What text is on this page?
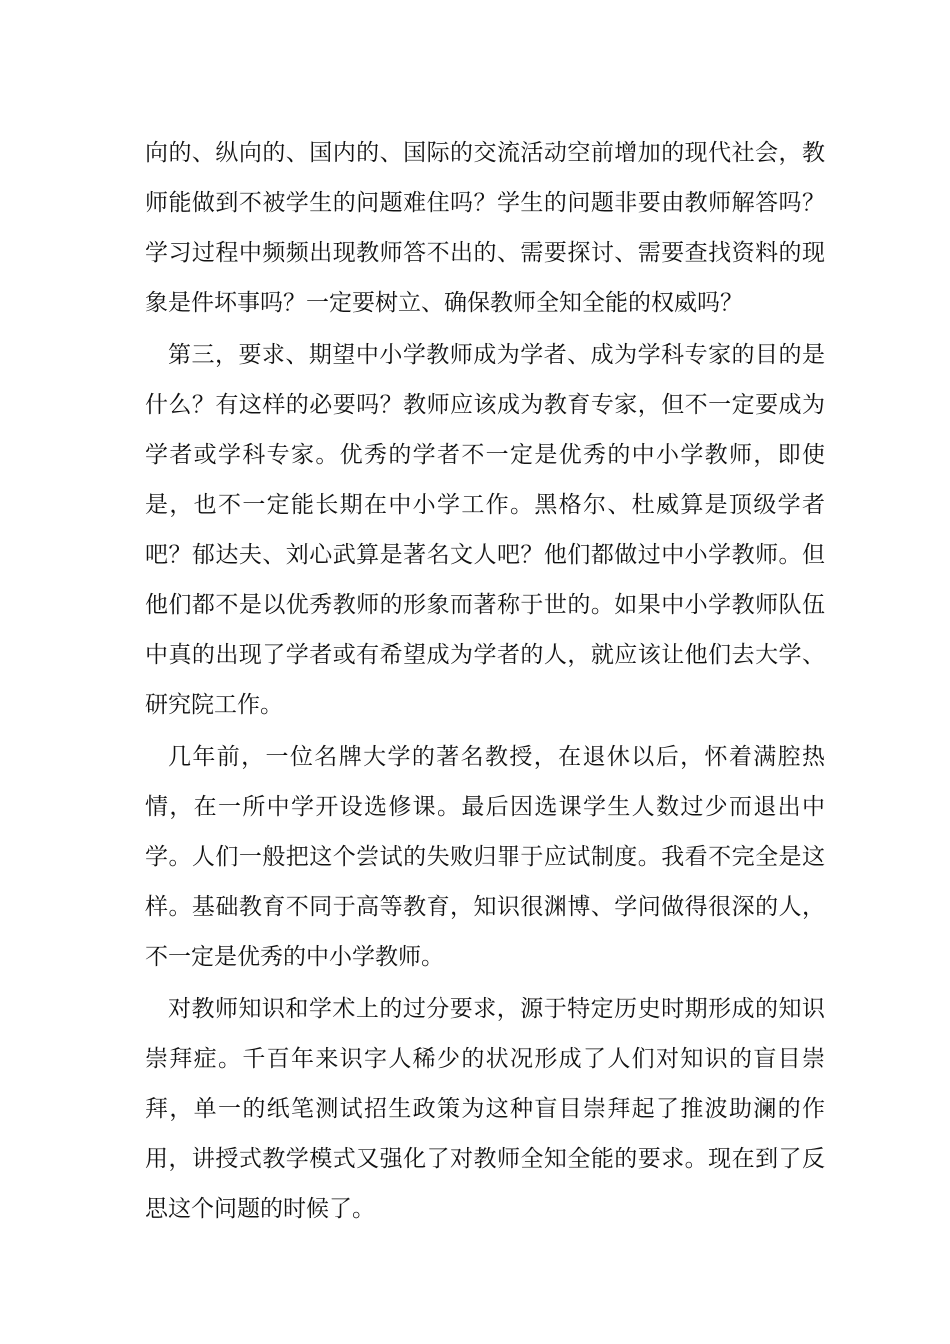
向的、纵向的、国内的、国际的交流活动空前增加的现代社会，教师能做到不被学生的问题难住吗？学生的问题非要由教师解答吗？学习过程中频频出现教师答不出的、需要探讨、需要查找资料的现象是件坏事吗？一定要树立、确保教师全知全能的权威吗？

第三，要求、期望中小学教师成为学者、成为学科专家的目的是什么？有这样的必要吗？教师应该成为教育专家，但不一定要成为学者或学科专家。优秀的学者不一定是优秀的中小学教师，即使是，也不一定能长期在中小学工作。黑格尔、杜威算是顶级学者吧？郁达夫、刘心武算是著名文人吧？他们都做过中小学教师。但他们都不是以优秀教师的形象而著称于世的。如果中小学教师队伍中真的出现了学者或有希望成为学者的人，就应该让他们去大学、研究院工作。

几年前，一位名牌大学的著名教授，在退休以后，怀着满腔热情，在一所中学开设选修课。最后因选课学生人数过少而退出中学。人们一般把这个尝试的失败归罪于应试制度。我看不完全是这样。基础教育不同于高等教育，知识很渊博、学问做得很深的人，不一定是优秀的中小学教师。

对教师知识和学术上的过分要求，源于特定历史时期形成的知识崇拜症。千百年来识字人稀少的状况形成了人们对知识的盲目崇拜，单一的纸笔测试招生政策为这种盲目崇拜起了推波助澜的作用，讲授式教学模式又强化了对教师全知全能的要求。现在到了反思这个问题的时候了。
